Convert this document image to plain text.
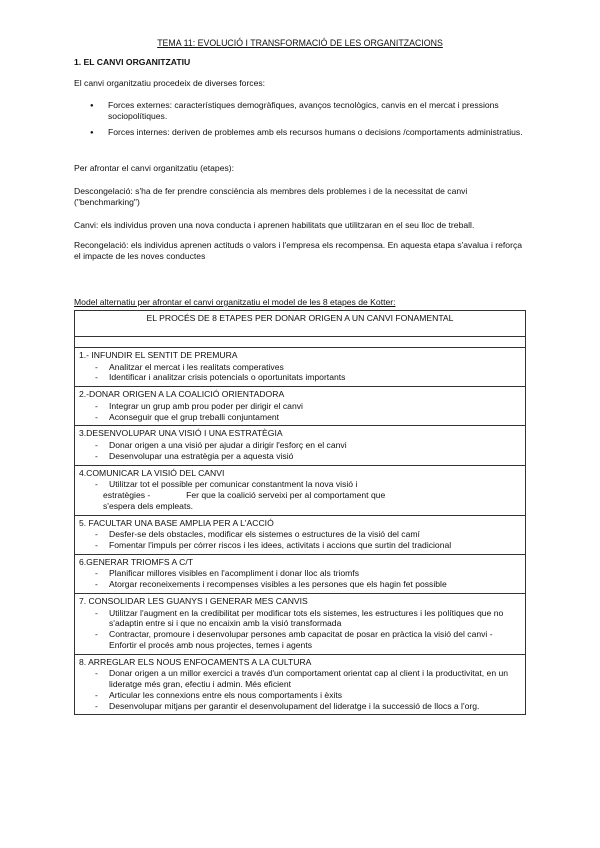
TEMA 11: EVOLUCIÓ I TRANSFORMACIÓ DE LES ORGANITZACIONS
1. EL CANVI ORGANITZATIU
El canvi organitzatiu procedeix de diverses forces:
● Forces externes: característiques demogràfiques, avanços tecnològics, canvis en el mercat i pressions sociopolítiques.
● Forces internes: deriven de problemes amb els recursos humans o decisions /comportaments administratius.
Per afrontar el canvi organitzatiu (etapes):
Descongelació: s'ha de fer prendre consciència als membres dels problemes i de la necessitat de canvi ("benchmarking")
Canvi: els individus proven una nova conducta i aprenen habilitats que utilitzaran en el seu lloc de treball.
Recongelació: els individus aprenen actituds o valors i l'empresa els recompensa. En aquesta etapa s'avalua i reforça el impacte de les noves conductes
Model alternatiu per afrontar el canvi organitzatiu el model de les 8 etapes de Kotter:
EL PROCÉS DE 8 ETAPES PER DONAR ORIGEN A UN CANVI FONAMENTAL

1.- INFUNDIR EL SENTIT DE PREMURA
- Analitzar el mercat i les realitats comperatives
- Identificar i analitzar crisis potencials o oportunitats importants

2.-DONAR ORIGEN A LA COALICIÓ ORIENTADORA
- Integrar un grup amb prou poder per dirigir el canvi
- Aconseguir que el grup treballi conjuntament

3.DESENVOLUPAR UNA VISIÓ I UNA ESTRATÈGIA
- Donar origen a una visió per ajudar a dirigir l'esforç en el canvi
- Desenvolupar una estratègia per a aquesta visió

4.COMUNICAR LA VISIÓ DEL CANVI
- Utilitzar tot el possible per comunicar constantment la nova visió i
estratègies -               Fer que la coalició serveixi per al comportament que
s'espera dels empleats.

5. FACULTAR UNA BASE AMPLIA PER A L'ACCIÓ
- Desfer-se dels obstacles, modificar els sistemes o estructures de la visió del camí
- Fomentar l'impuls per córrer riscos i les idees, activitats i accions que surtin del tradicional

6.GENERAR TRIOMFS A C/T
- Planificar millores visibles en l'acompliment i donar lloc als triomfs
- Atorgar reconeixements i recompenses visibles a les persones que els hagin fet possible

7. CONSOLIDAR LES GUANYS I GENERAR MES CANVIS
- Utilitzar l'augment en la credibilitat per modificar tots els sistemes, les estructures i les polítiques que no s'adaptin entre si i que no encaixin amb la visió transformada
- Contractar, promoure i desenvolupar persones amb capacitat de posar en pràctica la visió del canvi -    Enfortir el procés amb nous projectes, temes i agents

8. ARREGLAR ELS NOUS ENFOCAMENTS A LA CULTURA
- Donar origen a un millor exercici a través d'un comportament orientat cap al client i la productivitat, en un lideratge més gran, efectiu i admin. Més eficient
- Articular les connexions entre els nous comportaments i èxits
- Desenvolupar mitjans per garantir el desenvolupament del lideratge i la successió de llocs a l'org.
